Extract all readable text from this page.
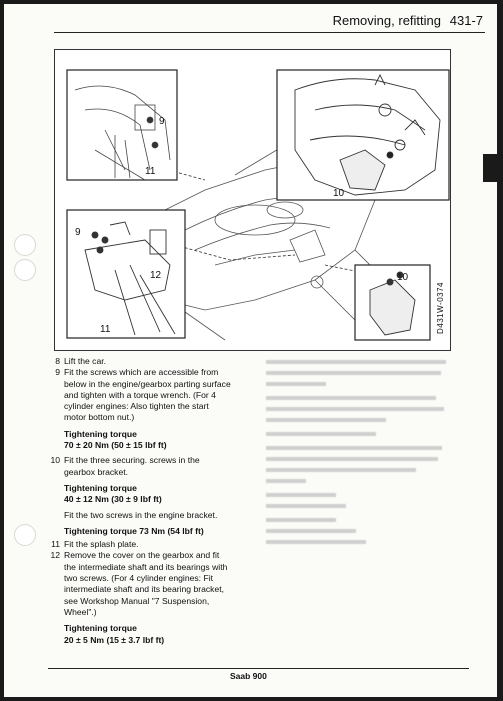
Removing, refitting 431-7
9
11
10
9
12
11
10
D431W-0374

8 Lift the car.

9 Fit the screws which are accessible from below in the engine/gearbox parting surface and tighten with a torque wrench. (For 4 cylinder engines: Also tighten the start motor bottom nut.)

Tightening torque
70 ± 20 Nm (50 ± 15 lbf ft)

10 Fit the three securing. screws in the gearbox bracket.

Tightening torque
40 ± 12 Nm (30 ± 9 lbf ft)
Fit the two screws in the engine bracket.
Tightening torque 73 Nm (54 lbf ft)

11 Fit the splash plate.

12 Remove the cover on the gearbox and fit the intermediate shaft and its bearings with two screws. (For 4 cylinder engines: Fit intermediate shaft and its bearing bracket, see Workshop Manual "7 Suspension, Wheel".)

Tightening torque
20 ± 5 Nm (15 ± 3.7 lbf ft)
Saab 900
